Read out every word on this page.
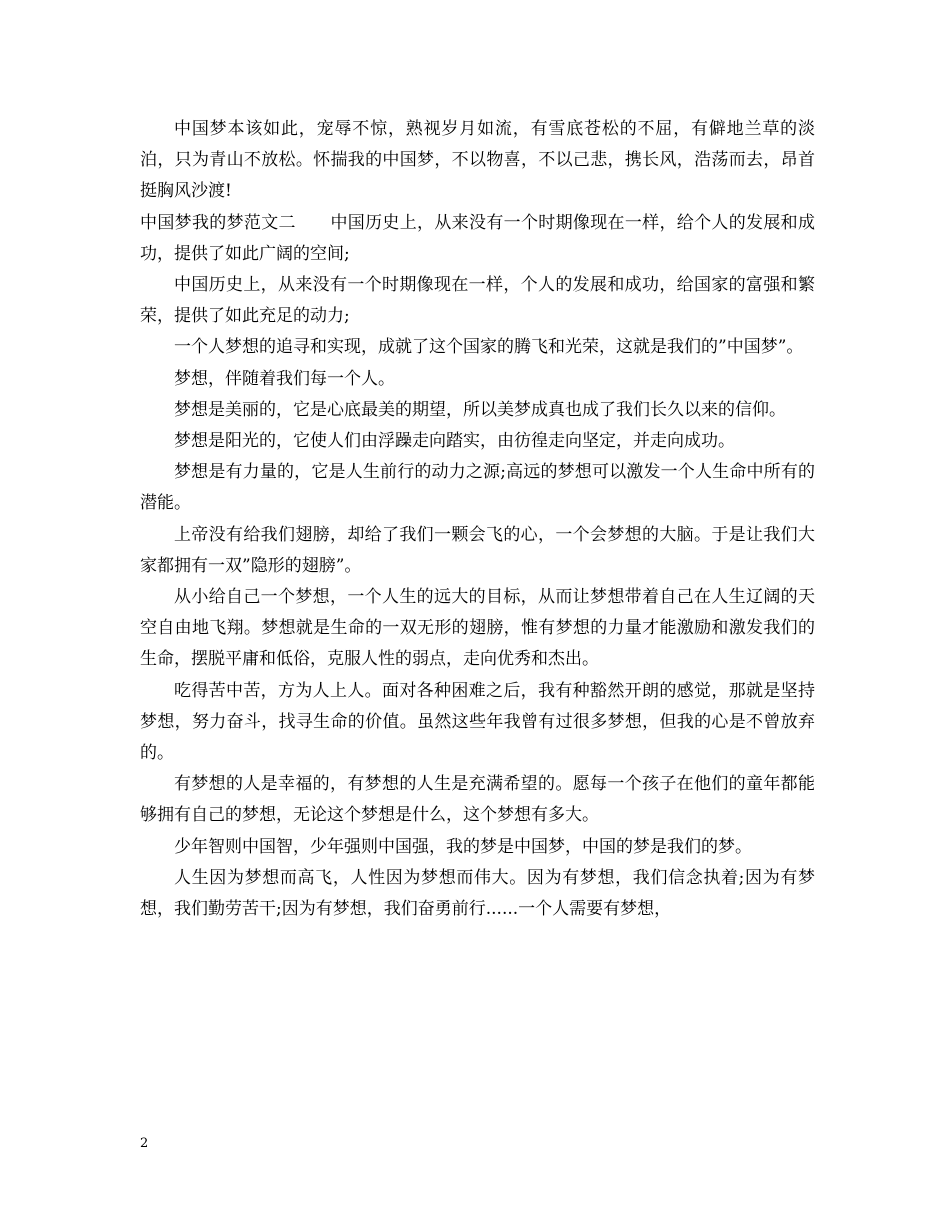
中国梦本该如此，宠辱不惊，熟视岁月如流，有雪底苍松的不屈，有僻地兰草的淡泊，只为青山不放松。怀揣我的中国梦，不以物喜，不以己悲，携长风，浩荡而去，昂首挺胸风沙渡!

中国梦我的梦范文二　　中国历史上，从来没有一个时期像现在一样，给个人的发展和成功，提供了如此广阔的空间;

中国历史上，从来没有一个时期像现在一样，个人的发展和成功，给国家的富强和繁荣，提供了如此充足的动力;

一个人梦想的追寻和实现，成就了这个国家的腾飞和光荣，这就是我们的”中国梦”。

梦想，伴随着我们每一个人。

梦想是美丽的，它是心底最美的期望，所以美梦成真也成了我们长久以来的信仰。

梦想是阳光的，它使人们由浮躁走向踏实，由彷徨走向坚定，并走向成功。

梦想是有力量的，它是人生前行的动力之源;高远的梦想可以激发一个人生命中所有的潜能。

上帝没有给我们翅膀，却给了我们一颗会飞的心，一个会梦想的大脑。于是让我们大家都拥有一双”隐形的翅膀”。

从小给自己一个梦想，一个人生的远大的目标，从而让梦想带着自己在人生辽阔的天空自由地飞翔。梦想就是生命的一双无形的翅膀，惟有梦想的力量才能激励和激发我们的生命，摆脱平庸和低俗，克服人性的弱点，走向优秀和杰出。

吃得苦中苦，方为人上人。面对各种困难之后，我有种豁然开朗的感觉，那就是坚持梦想，努力奋斗，找寻生命的价值。虽然这些年我曾有过很多梦想，但我的心是不曾放弃的。

有梦想的人是幸福的，有梦想的人生是充满希望的。愿每一个孩子在他们的童年都能够拥有自己的梦想，无论这个梦想是什么，这个梦想有多大。

少年智则中国智，少年强则中国强，我的梦是中国梦，中国的梦是我们的梦。

人生因为梦想而高飞，人性因为梦想而伟大。因为有梦想，我们信念执着;因为有梦想，我们勤劳苦干;因为有梦想，我们奋勇前行......一个人需要有梦想，

2
